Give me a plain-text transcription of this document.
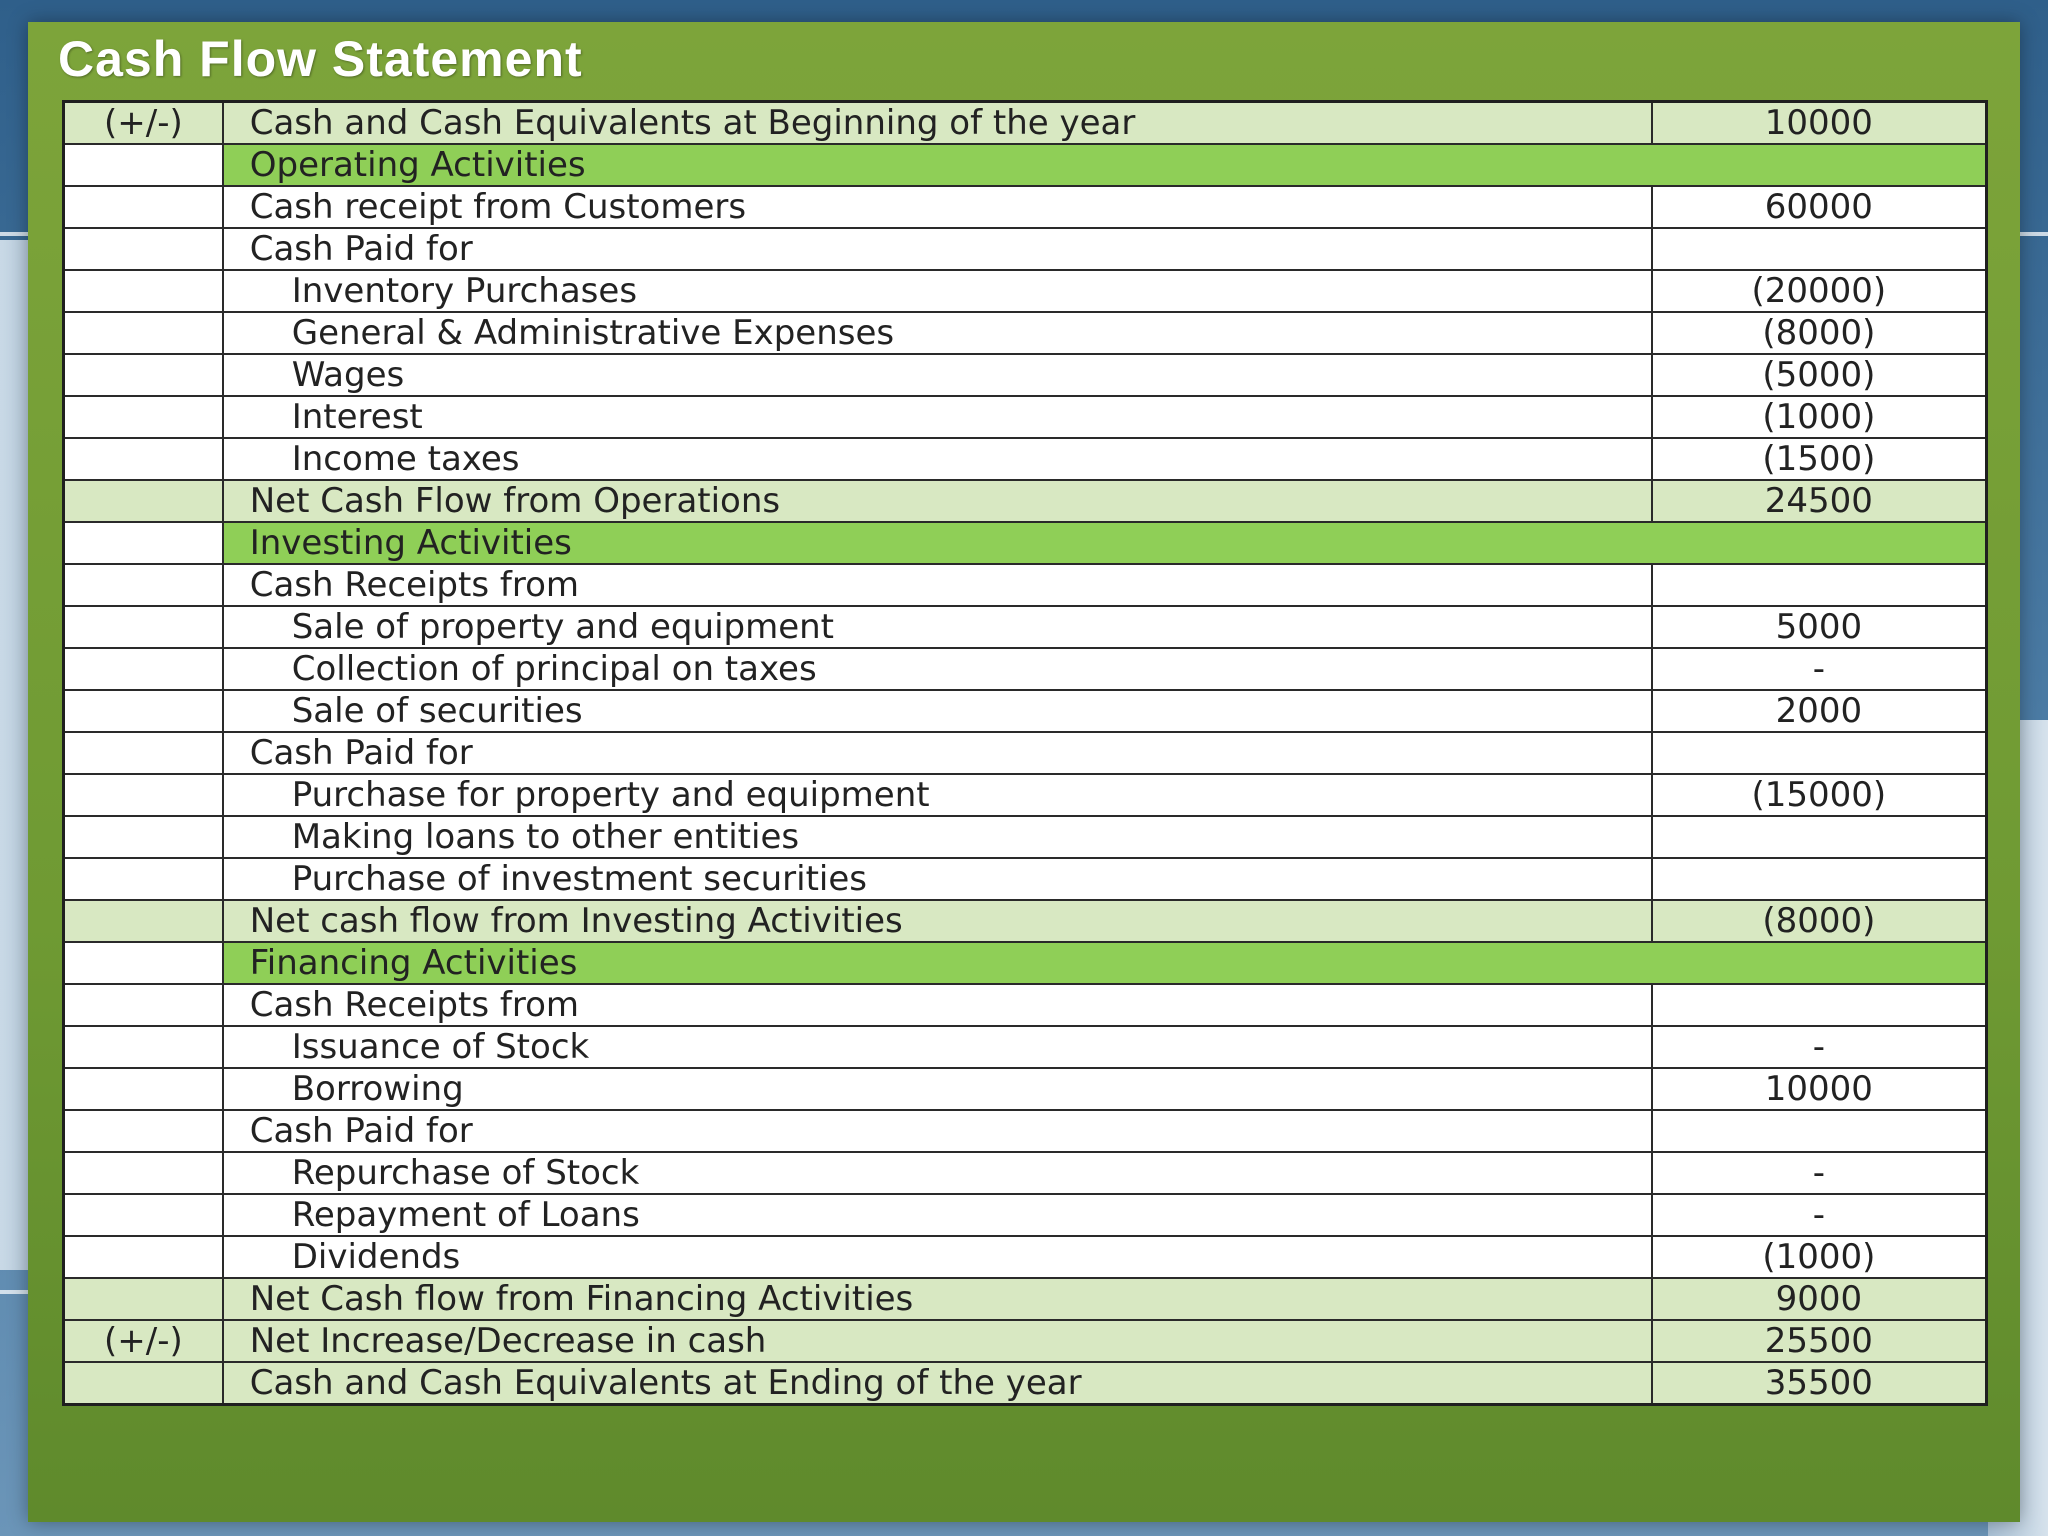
Cash Flow Statement
(+/-)	Cash and Cash Equivalents at Beginning of the year	10000
	Operating Activities	
	Cash receipt from Customers	60000
	Cash Paid for	
	Inventory Purchases	(20000)
	General & Administrative Expenses	(8000)
	Wages	(5000)
	Interest	(1000)
	Income taxes	(1500)
	Net Cash Flow from Operations	24500
	Investing Activities	
	Cash Receipts from	
	Sale of property and equipment	5000
	Collection of principal on taxes	-
	Sale of securities	2000
	Cash Paid for	
	Purchase for property and equipment	(15000)
	Making loans to other entities	
	Purchase of investment securities	
	Net cash flow from Investing Activities	(8000)
	Financing Activities	
	Cash Receipts from	
	Issuance of Stock	-
	Borrowing	10000
	Cash Paid for	
	Repurchase of Stock	-
	Repayment of Loans	-
	Dividends	(1000)
	Net Cash flow from Financing Activities	9000
(+/-)	Net Increase/Decrease in cash	25500
	Cash and Cash Equivalents at Ending of the year	35500
